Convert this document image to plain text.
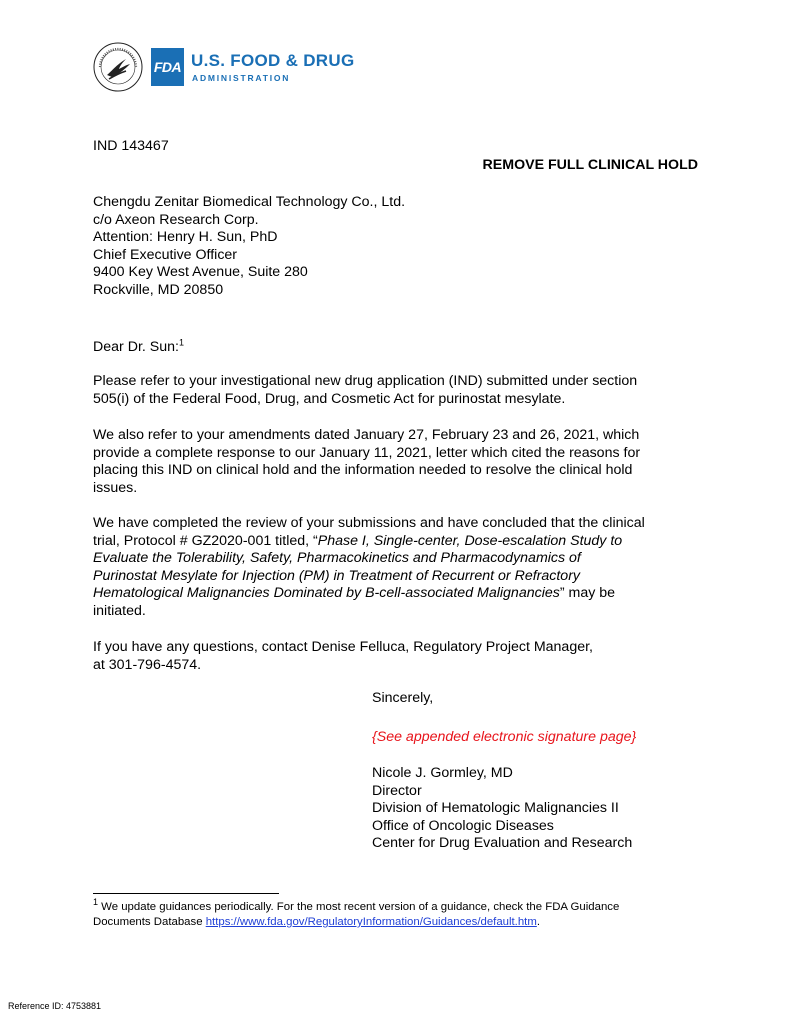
FDA U.S. FOOD & DRUG
ADMINISTRATION
IND 143467
REMOVE FULL CLINICAL HOLD
Chengdu Zenitar Biomedical Technology Co., Ltd.
c/o Axeon Research Corp.
Attention: Henry H. Sun, PhD
Chief Executive Officer
9400 Key West Avenue, Suite 280
Rockville, MD 20850
Dear Dr. Sun:$^1$
Please refer to your investigational new drug application (IND) submitted under section
505(i) of the Federal Food, Drug, and Cosmetic Act for purinostat mesylate.
We also refer to your amendments dated January 27, February 23 and 26, 2021, which
provide a complete response to our January 11, 2021, letter which cited the reasons for
placing this IND on clinical hold and the information needed to resolve the clinical hold
issues.
We have completed the review of your submissions and have concluded that the clinical
trial, Protocol # GZ2020-001 titled, “Phase I, Single-center, Dose-escalation Study to
Evaluate the Tolerability, Safety, Pharmacokinetics and Pharmacodynamics of
Purinostat Mesylate for Injection (PM) in Treatment of Recurrent or Refractory
Hematological Malignancies Dominated by B-cell-associated Malignancies” may be
initiated.
If you have any questions, contact Denise Felluca, Regulatory Project Manager,
at 301-796-4574.
Sincerely,
{See appended electronic signature page}
Nicole J. Gormley, MD
Director
Division of Hematologic Malignancies II
Office of Oncologic Diseases
Center for Drug Evaluation and Research
$^1$ We update guidances periodically. For the most recent version of a guidance, check the FDA Guidance
Documents Database https://www.fda.gov/RegulatoryInformation/Guidances/default.htm.
Reference ID: 4753881
